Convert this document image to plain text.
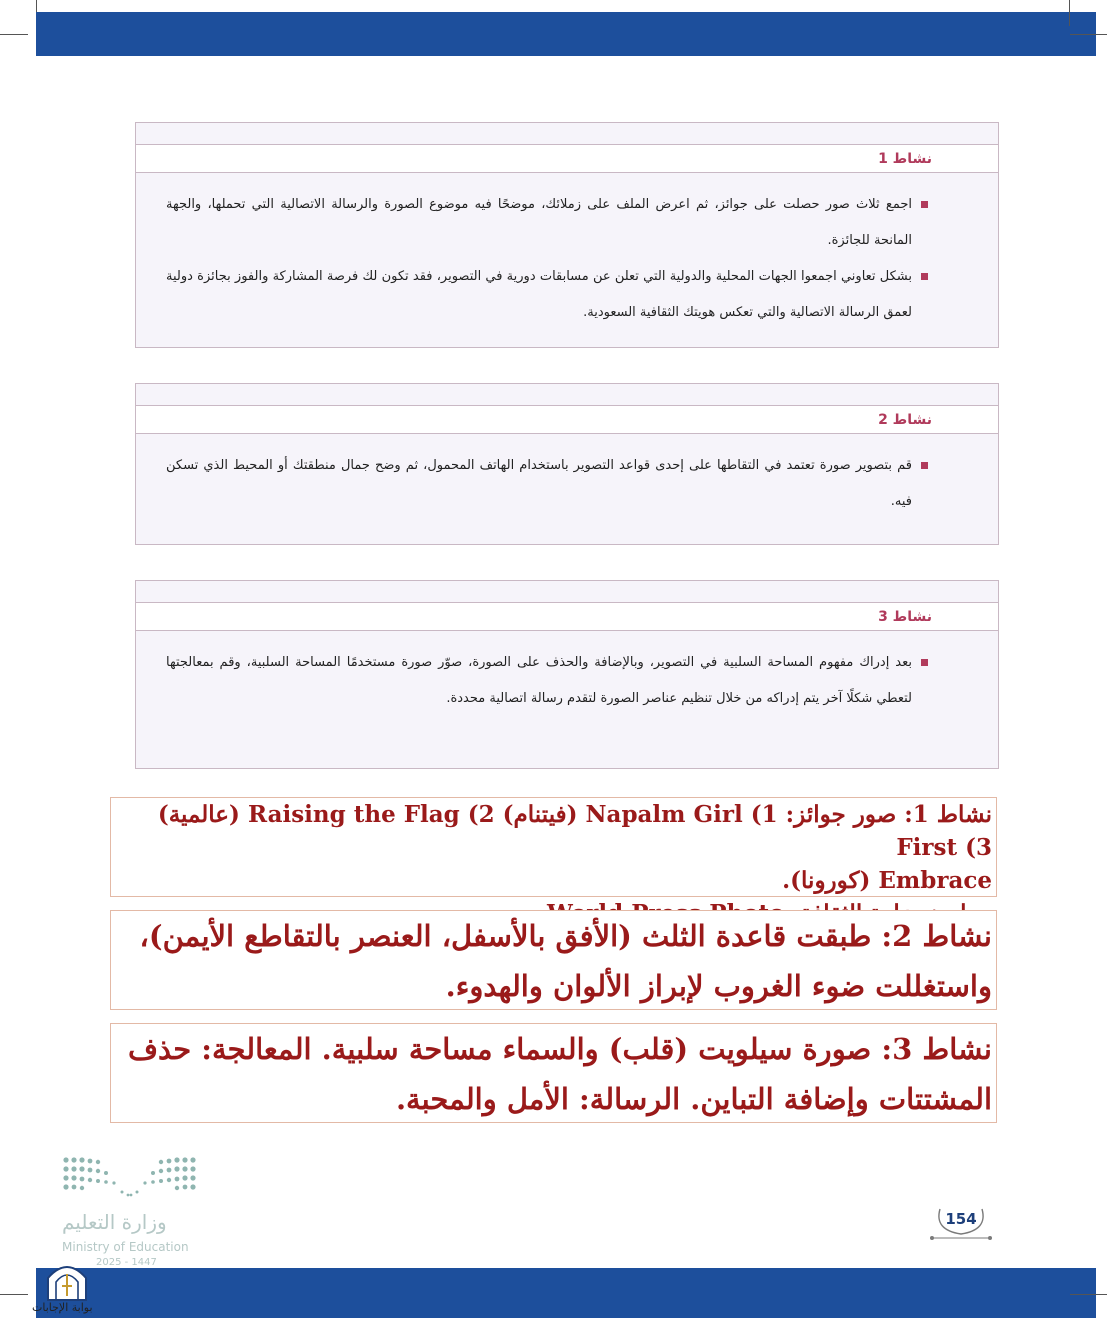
نشاط 1
اجمع ثلاث صور حصلت على جوائز، ثم اعرض الملف على زملائك، موضحًا فيه موضوع الصورة والرسالة الاتصالية التي تحملها، والجهة المانحة للجائزة.
بشكل تعاوني اجمعوا الجهات المحلية والدولية التي تعلن عن مسابقات دورية في التصوير، فقد تكون لك فرصة المشاركة والفوز بجائزة دولية لعمق الرسالة الاتصالية والتي تعكس هويتك الثقافية السعودية.
نشاط 2
قم بتصوير صورة تعتمد في التقاطها على إحدى قواعد التصوير باستخدام الهاتف المحمول، ثم وضح جمال منطقتك أو المحيط الذي تسكن فيه.
نشاط 3
بعد إدراك مفهوم المساحة السلبية في التصوير، وبالإضافة والحذف على الصورة، صوّر صورة مستخدمًا المساحة السلبية، وقم بمعالجتها لتعطي شكلًا آخر يتم إدراكه من خلال تنظيم عناصر الصورة لتقدم رسالة اتصالية محددة.

نشاط 1: صور جوائز: 1) Napalm Girl (فيتنام) 2) Raising the Flag (عالمية) 3) First

Embrace (كورونا).

نشاط 2: طبقت قاعدة الثلث (الأفق بالأسفل، العنصر بالتقاطع الأيمن)،

واستغللت ضوء الغروب لإبراز الألوان والهدوء.

نشاط 3: صورة سيلويت (قلب) والسماء مساحة سلبية. المعالجة: حذف

المشتتات وإضافة التباين. الرسالة: الأمل والمحبة.

وزارة التعليم
Ministry of Education
2025 - 1447
154
بوابة الإجابات
